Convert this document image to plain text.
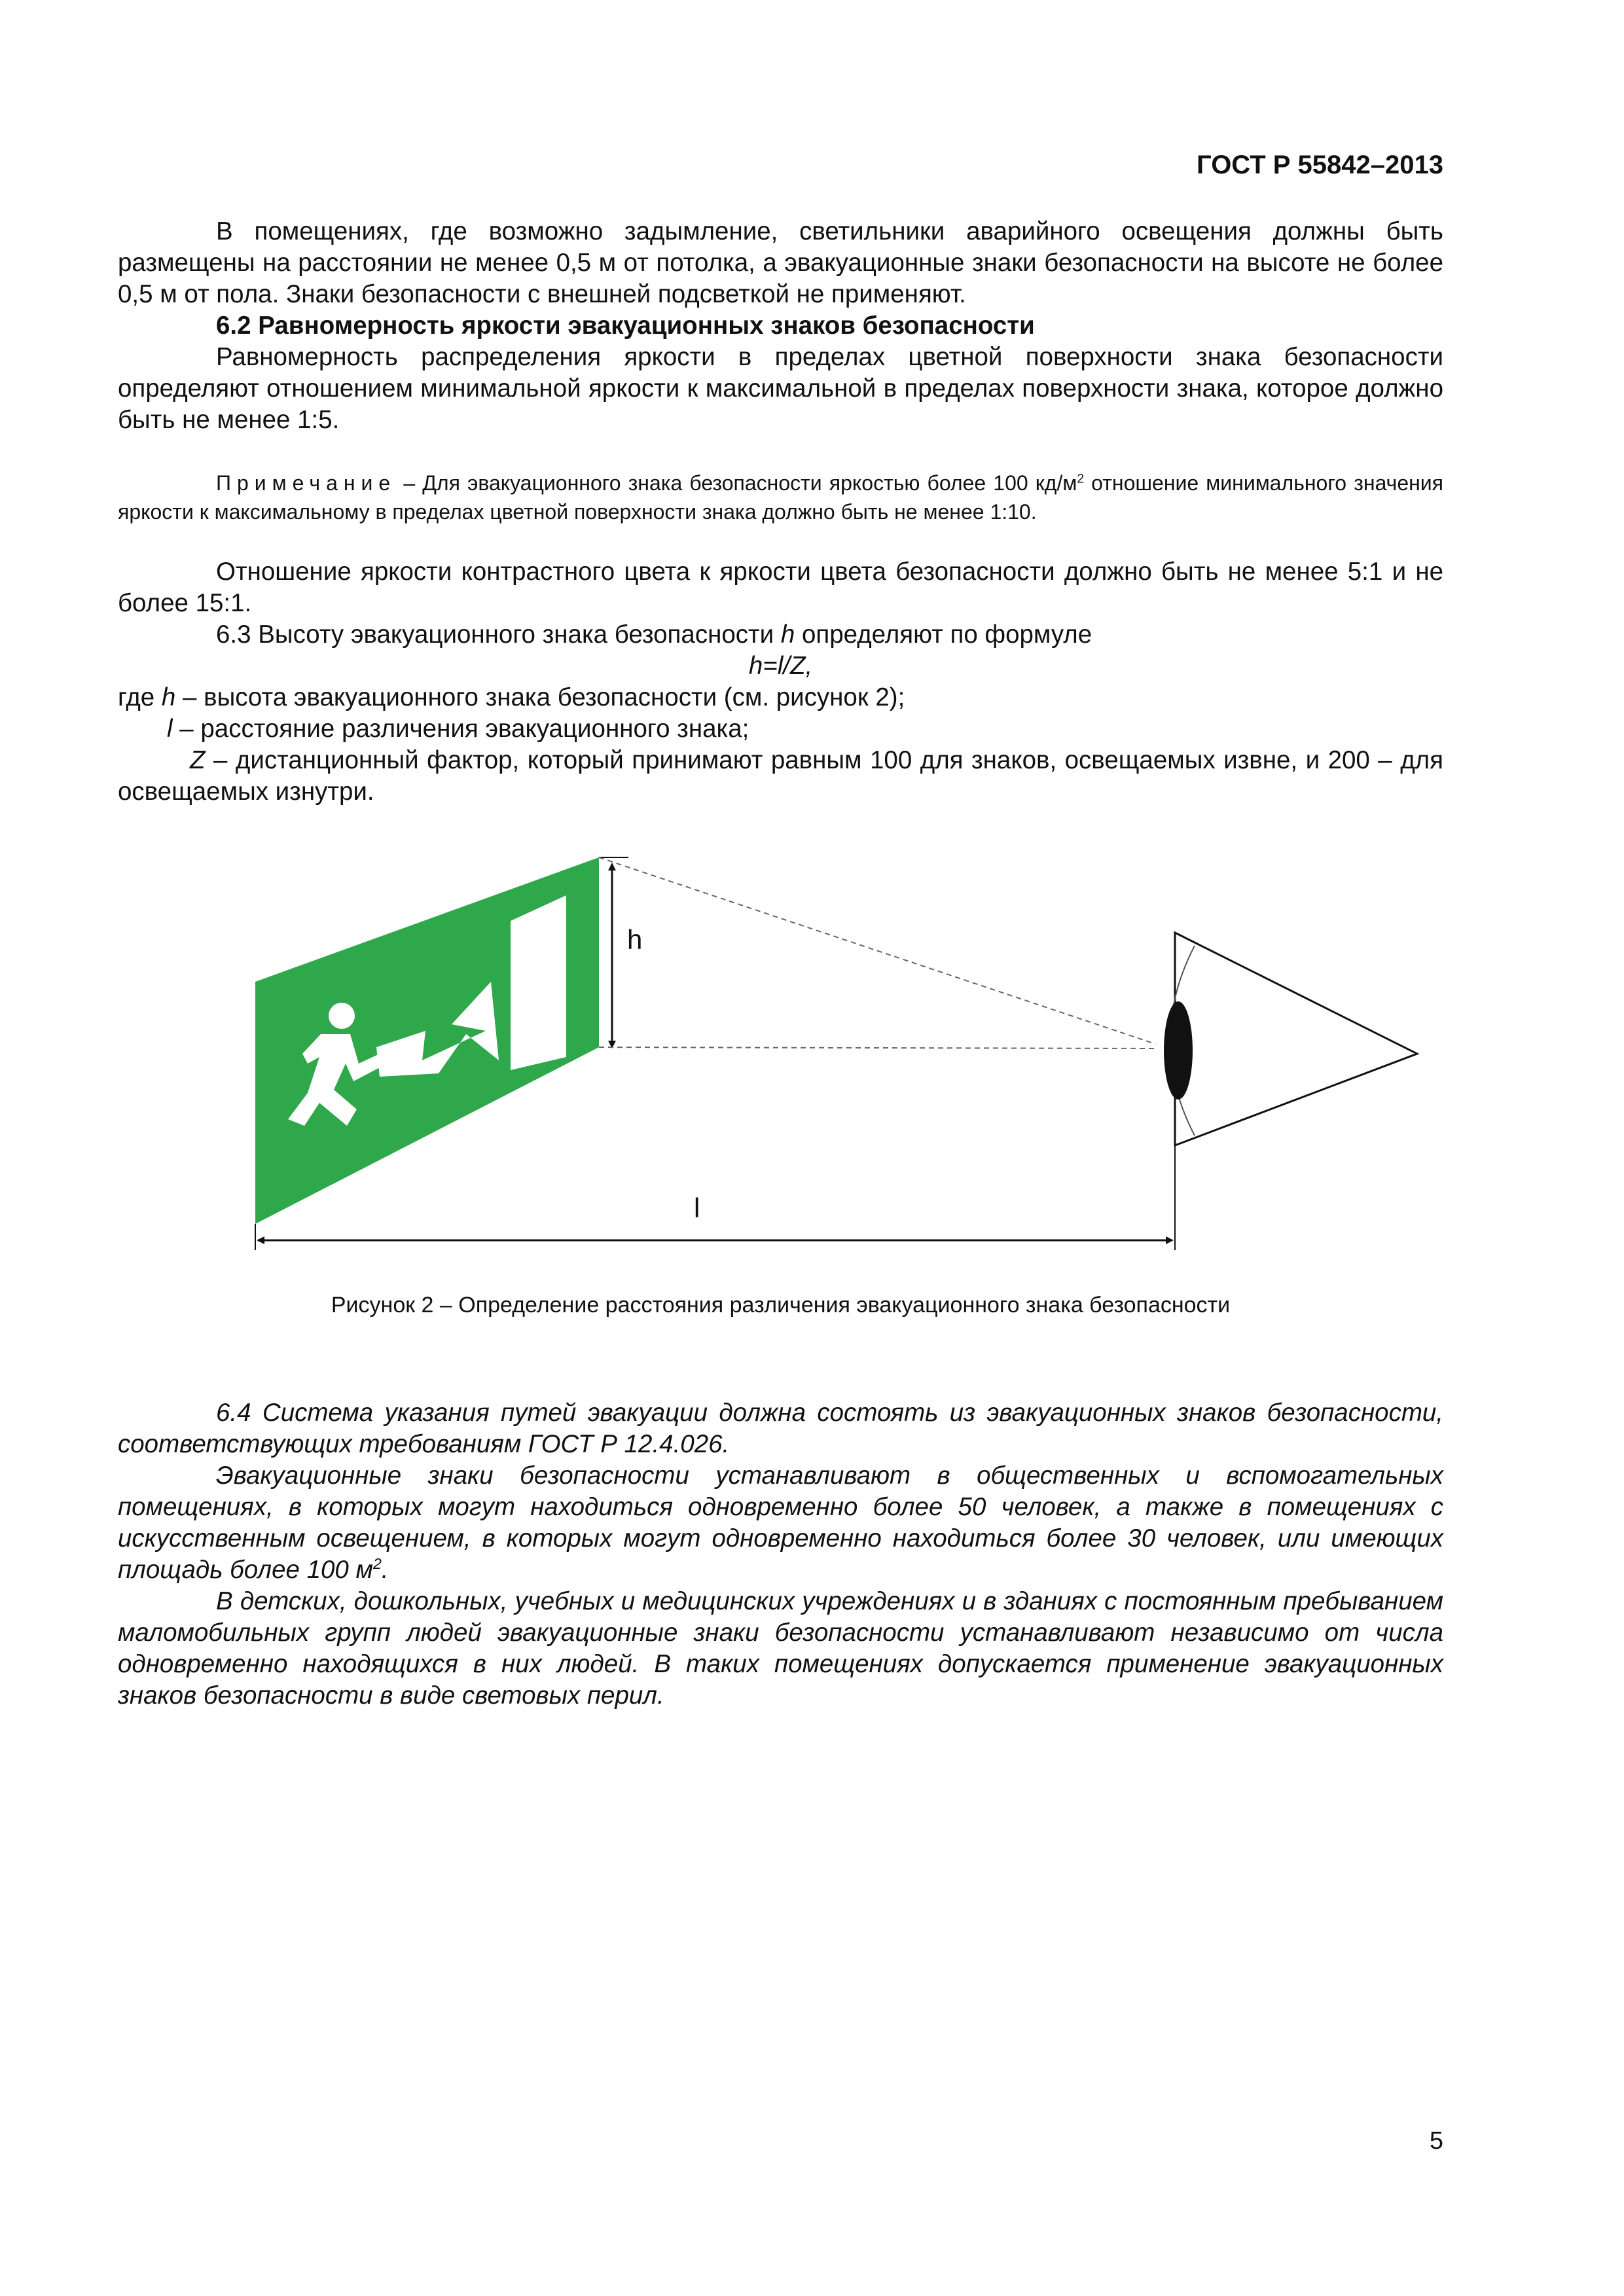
ГОСТ Р 55842–2013

В помещениях, где возможно задымление, светильники аварийного освещения должны быть размещены на расстоянии не менее 0,5 м от потолка, а эвакуационные знаки безопасности на высоте не более 0,5 м от пола. Знаки безопасности с внешней подсветкой не применяют.

6.2 Равномерность яркости эвакуационных знаков безопасности

Равномерность распределения яркости в пределах цветной поверхности знака безопасности определяют отношением минимальной яркости к максимальной в пределах поверхности знака, которое должно быть не менее 1:5.

Примечание – Для эвакуационного знака безопасности яркостью более 100 $кд/м^2$ отношение минимального значения яркости к максимальному в пределах цветной поверхности знака должно быть не менее 1:10.

Отношение яркости контрастного цвета к яркости цвета безопасности должно быть не менее 5:1 и не более 15:1.

6.3 Высоту эвакуационного знака безопасности h определяют по формуле

h=l/Z,

где h – высота эвакуационного знака безопасности (см. рисунок 2);

l – расстояние различения эвакуационного знака;

Z – дистанционный фактор, который принимают равным 100 для знаков, освещаемых извне, и 200 – для освещаемых изнутри.

h
l
Рисунок 2 – Определение расстояния различения эвакуационного знака безопасности

6.4 Система указания путей эвакуации должна состоять из эвакуационных знаков безопасности, соответствующих требованиям ГОСТ Р 12.4.026.

Эвакуационные знаки безопасности устанавливают в общественных и вспомогательных помещениях, в которых могут находиться одновременно более 50 человек, а также в помещениях с искусственным освещением, в которых могут одновременно находиться более 30 человек, или имеющих площадь более 100 $м^2$.

В детских, дошкольных, учебных и медицинских учреждениях и в зданиях с постоянным пребыванием маломобильных групп людей эвакуационные знаки безопасности устанавливают независимо от числа одновременно находящихся в них людей. В таких помещениях допускается применение эвакуационных знаков безопасности в виде световых перил.

5
